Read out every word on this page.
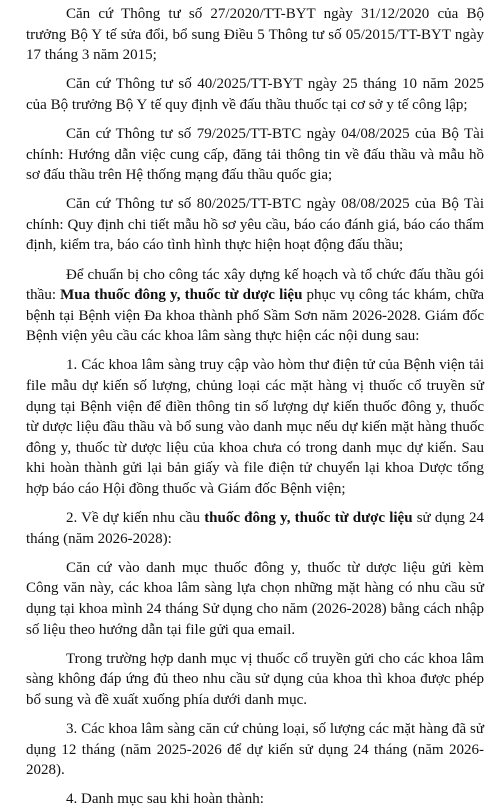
Căn cứ Thông tư số 27/2020/TT-BYT ngày 31/12/2020 của Bộ trưởng Bộ Y tế sửa đổi, bổ sung Điều 5 Thông tư số 05/2015/TT-BYT ngày 17 tháng 3 năm 2015;

Căn cứ Thông tư số 40/2025/TT-BYT ngày 25 tháng 10 năm 2025 của Bộ trưởng Bộ Y tế quy định về đấu thầu thuốc tại cơ sở y tế công lập;

Căn cứ Thông tư số 79/2025/TT-BTC ngày 04/08/2025 của Bộ Tài chính: Hướng dẫn việc cung cấp, đăng tải thông tin về đấu thầu và mẫu hồ sơ đấu thầu trên Hệ thống mạng đấu thầu quốc gia;

Căn cứ Thông tư số 80/2025/TT-BTC ngày 08/08/2025 của Bộ Tài chính: Quy định chi tiết mẫu hồ sơ yêu cầu, báo cáo đánh giá, báo cáo thẩm định, kiểm tra, báo cáo tình hình thực hiện hoạt động đấu thầu;

Để chuẩn bị cho công tác xây dựng kế hoạch và tổ chức đấu thầu gói thầu: Mua thuốc đông y, thuốc từ dược liệu phục vụ công tác khám, chữa bệnh tại Bệnh viện Đa khoa thành phố Sầm Sơn năm 2026-2028. Giám đốc Bệnh viện yêu cầu các khoa lâm sàng thực hiện các nội dung sau:

1. Các khoa lâm sàng truy cập vào hòm thư điện tử của Bệnh viện tải file mẫu dự kiến số lượng, chủng loại các mặt hàng vị thuốc cổ truyền sử dụng tại Bệnh viện để điền thông tin số lượng dự kiến thuốc đông y, thuốc từ dược liệu đầu thầu và bổ sung vào danh mục nếu dự kiến mặt hàng thuốc đông y, thuốc từ dược liệu của khoa chưa có trong danh mục dự kiến. Sau khi hoàn thành gửi lại bản giấy và file điện tử chuyển lại khoa Dược tổng hợp báo cáo Hội đồng thuốc và Giám đốc Bệnh viện;

2. Về dự kiến nhu cầu thuốc đông y, thuốc từ dược liệu sử dụng 24 tháng (năm 2026-2028):

Căn cứ vào danh mục thuốc đông y, thuốc từ dược liệu gửi kèm Công văn này, các khoa lâm sàng lựa chọn những mặt hàng có nhu cầu sử dụng tại khoa mình 24 tháng Sử dụng cho năm (2026-2028) bằng cách nhập số liệu theo hướng dẫn tại file gửi qua email.

Trong trường hợp danh mục vị thuốc cổ truyền gửi cho các khoa lâm sàng không đáp ứng đủ theo nhu cầu sử dụng của khoa thì khoa được phép bổ sung và đề xuất xuống phía dưới danh mục.

3. Các khoa lâm sàng căn cứ chủng loại, số lượng các mặt hàng đã sử dụng 12 tháng (năm 2025-2026 để dự kiến sử dụng 24 tháng (năm 2026-2028).

4. Danh mục sau khi hoàn thành:
